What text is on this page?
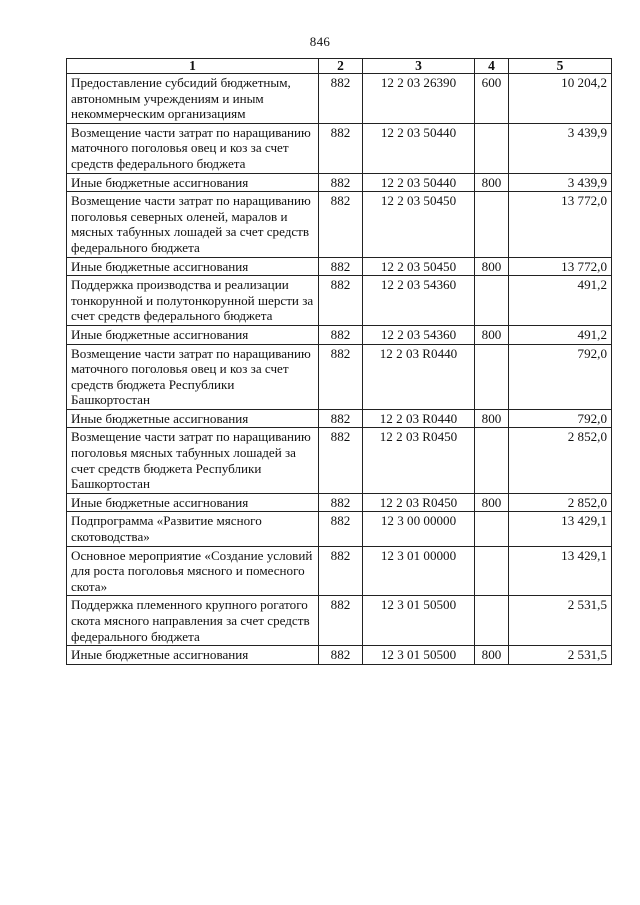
846
1	2	3	4	5
Предоставление субсидий бюджетным, автономным учреждениям и иным некоммерческим организациям	882	12 2 03 26390	600	10 204,2
Возмещение части затрат по наращиванию маточного поголовья овец и коз за счет средств федерального бюджета	882	12 2 03 50440		3 439,9
Иные бюджетные ассигнования	882	12 2 03 50440	800	3 439,9
Возмещение части затрат по наращиванию поголовья северных оленей, маралов и мясных табунных лошадей за счет средств федерального бюджета	882	12 2 03 50450		13 772,0
Иные бюджетные ассигнования	882	12 2 03 50450	800	13 772,0
Поддержка производства и реализации тонкорунной и полутонкорунной шерсти за счет средств федерального бюджета	882	12 2 03 54360		491,2
Иные бюджетные ассигнования	882	12 2 03 54360	800	491,2
Возмещение части затрат по наращиванию маточного поголовья овец и коз за счет средств бюджета Республики Башкортостан	882	12 2 03 R0440		792,0
Иные бюджетные ассигнования	882	12 2 03 R0440	800	792,0
Возмещение части затрат по наращиванию поголовья мясных табунных лошадей за счет средств бюджета Республики Башкортостан	882	12 2 03 R0450		2 852,0
Иные бюджетные ассигнования	882	12 2 03 R0450	800	2 852,0
Подпрограмма «Развитие мясного скотоводства»	882	12 3 00 00000		13 429,1
Основное мероприятие «Создание условий для роста поголовья мясного и помесного скота»	882	12 3 01 00000		13 429,1
Поддержка племенного крупного рогатого скота мясного направления за счет средств федерального бюджета	882	12 3 01 50500		2 531,5
Иные бюджетные ассигнования	882	12 3 01 50500	800	2 531,5
